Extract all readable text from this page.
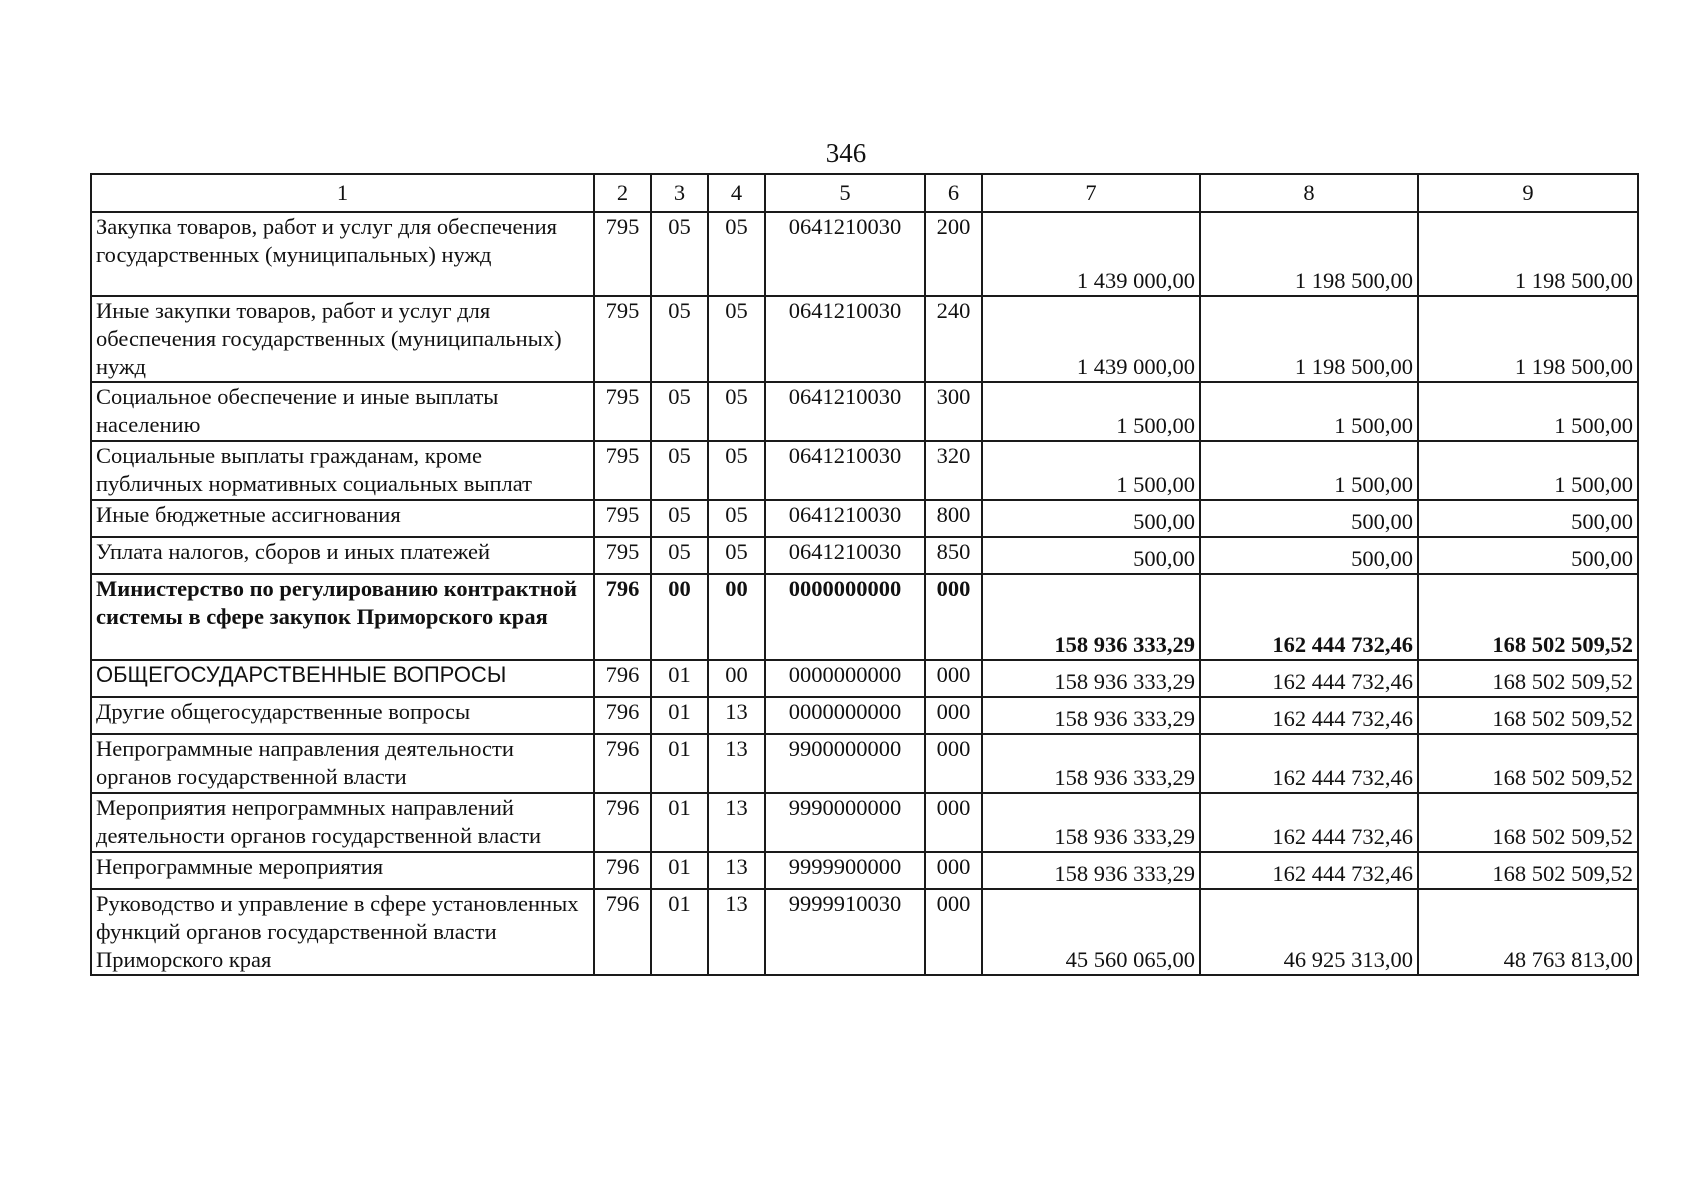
346
1	2	3	4	5	6	7	8	9
Закупка товаров, работ и услуг для обеспечения государственных (муниципальных) нужд	795	05	05	0641210030	200	1 439 000,00	1 198 500,00	1 198 500,00
Иные закупки товаров, работ и услуг для обеспечения государственных (муниципальных) нужд	795	05	05	0641210030	240	1 439 000,00	1 198 500,00	1 198 500,00
Социальное обеспечение и иные выплаты населению	795	05	05	0641210030	300	1 500,00	1 500,00	1 500,00
Социальные выплаты гражданам, кроме публичных нормативных социальных выплат	795	05	05	0641210030	320	1 500,00	1 500,00	1 500,00
Иные бюджетные ассигнования	795	05	05	0641210030	800	500,00	500,00	500,00
Уплата налогов, сборов и иных платежей	795	05	05	0641210030	850	500,00	500,00	500,00
Министерство по регулированию контрактной системы в сфере закупок Приморского края	796	00	00	0000000000	000	158 936 333,29	162 444 732,46	168 502 509,52
ОБЩЕГОСУДАРСТВЕННЫЕ ВОПРОСЫ	796	01	00	0000000000	000	158 936 333,29	162 444 732,46	168 502 509,52
Другие общегосударственные вопросы	796	01	13	0000000000	000	158 936 333,29	162 444 732,46	168 502 509,52
Непрограммные направления деятельности органов государственной власти	796	01	13	9900000000	000	158 936 333,29	162 444 732,46	168 502 509,52
Мероприятия непрограммных направлений деятельности органов государственной власти	796	01	13	9990000000	000	158 936 333,29	162 444 732,46	168 502 509,52
Непрограммные мероприятия	796	01	13	9999900000	000	158 936 333,29	162 444 732,46	168 502 509,52
Руководство и управление в сфере установленных функций органов государственной власти Приморского края	796	01	13	9999910030	000	45 560 065,00	46 925 313,00	48 763 813,00
